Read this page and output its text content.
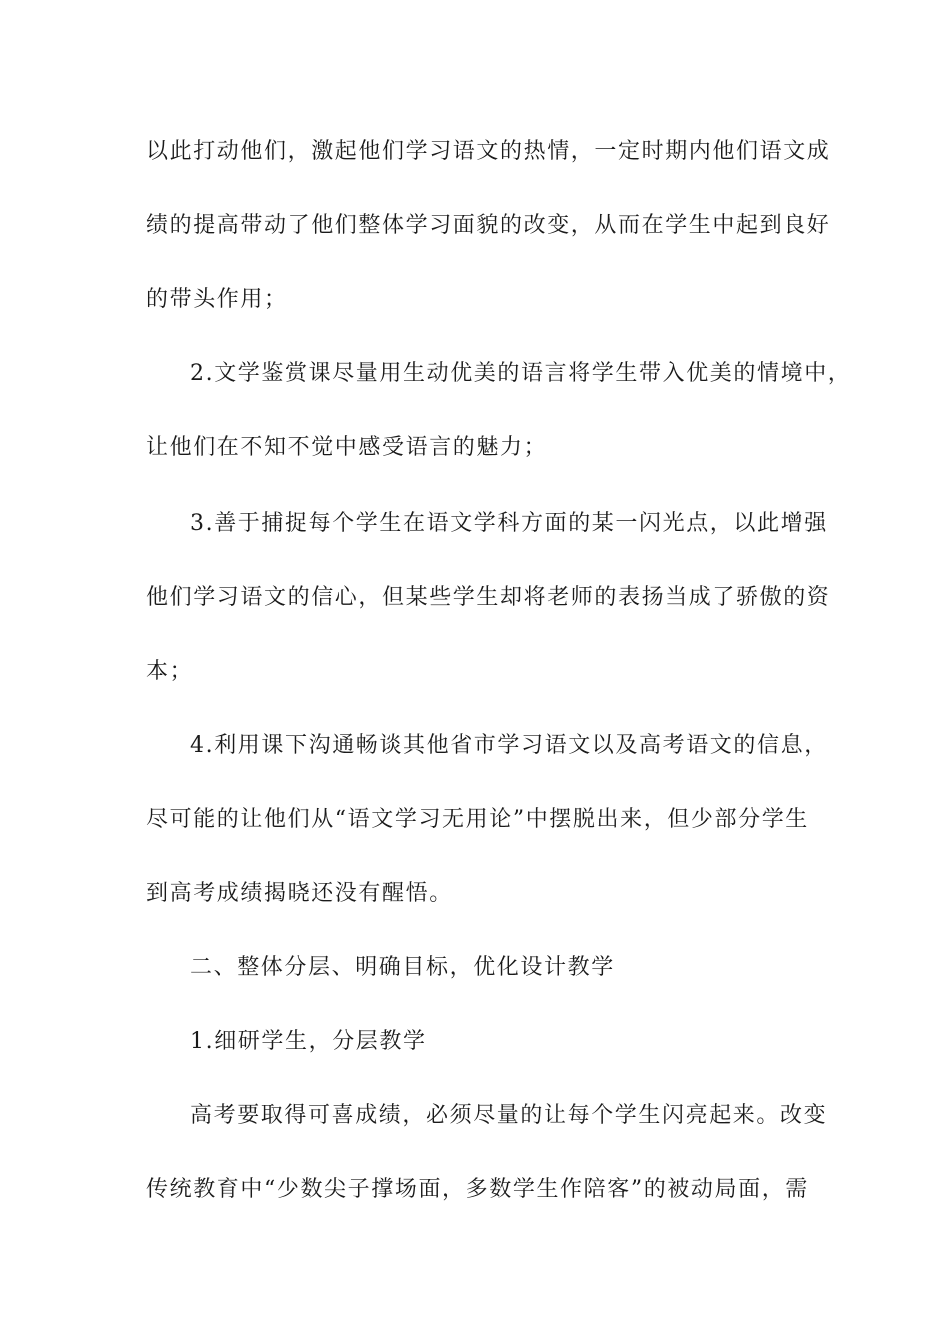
以此打动他们，激起他们学习语文的热情，一定时期内他们语文成
绩的提高带动了他们整体学习面貌的改变，从而在学生中起到良好
的带头作用；
2.文学鉴赏课尽量用生动优美的语言将学生带入优美的情境中，
让他们在不知不觉中感受语言的魅力；
3.善于捕捉每个学生在语文学科方面的某一闪光点，以此增强
他们学习语文的信心，但某些学生却将老师的表扬当成了骄傲的资
本；
4.利用课下沟通畅谈其他省市学习语文以及高考语文的信息，
尽可能的让他们从“语文学习无用论”中摆脱出来，但少部分学生
到高考成绩揭晓还没有醒悟。
二、整体分层、明确目标，优化设计教学
1.细研学生，分层教学
高考要取得可喜成绩，必须尽量的让每个学生闪亮起来。改变
传统教育中“少数尖子撑场面，多数学生作陪客”的被动局面，需
